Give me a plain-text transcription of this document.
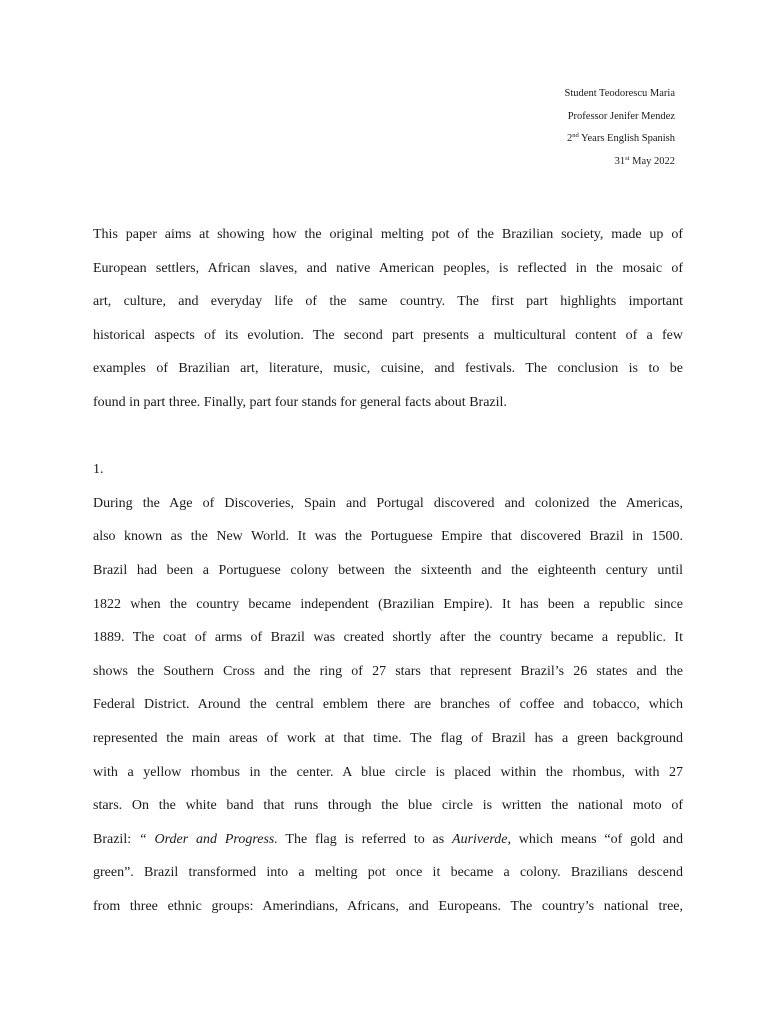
Student Teodorescu Maria
Professor Jenifer Mendez
2nd Years English Spanish
31st May 2022
This paper aims at showing how the original melting pot of the Brazilian society, made up of
European settlers, African slaves, and native American peoples, is reflected in the mosaic of
art, culture, and everyday life of the same country. The first part highlights important
historical aspects of its evolution. The second part presents a multicultural content of a few
examples of Brazilian art, literature, music, cuisine, and festivals. The conclusion is to be
found in part three. Finally, part four stands for general facts about Brazil.
1.
During the Age of Discoveries, Spain and Portugal discovered and colonized the Americas,
also known as the New World. It was the Portuguese Empire that discovered Brazil in 1500.
Brazil had been a Portuguese colony between the sixteenth and the eighteenth century until
1822 when the country became independent (Brazilian Empire). It has been a republic since
1889. The coat of arms of Brazil was created shortly after the country became a republic. It
shows the Southern Cross and the ring of 27 stars that represent Brazil’s 26 states and the
Federal District. Around the central emblem there are branches of coffee and tobacco, which
represented the main areas of work at that time. The flag of Brazil has a green background
with a yellow rhombus in the center. A blue circle is placed within the rhombus, with 27
stars. On the white band that runs through the blue circle is written the national moto of
Brazil: “ Order and Progress. The flag is referred to as Auriverde, which means “of gold and
green”. Brazil transformed into a melting pot once it became a colony. Brazilians descend
from three ethnic groups: Amerindians, Africans, and Europeans. The country’s national tree,
